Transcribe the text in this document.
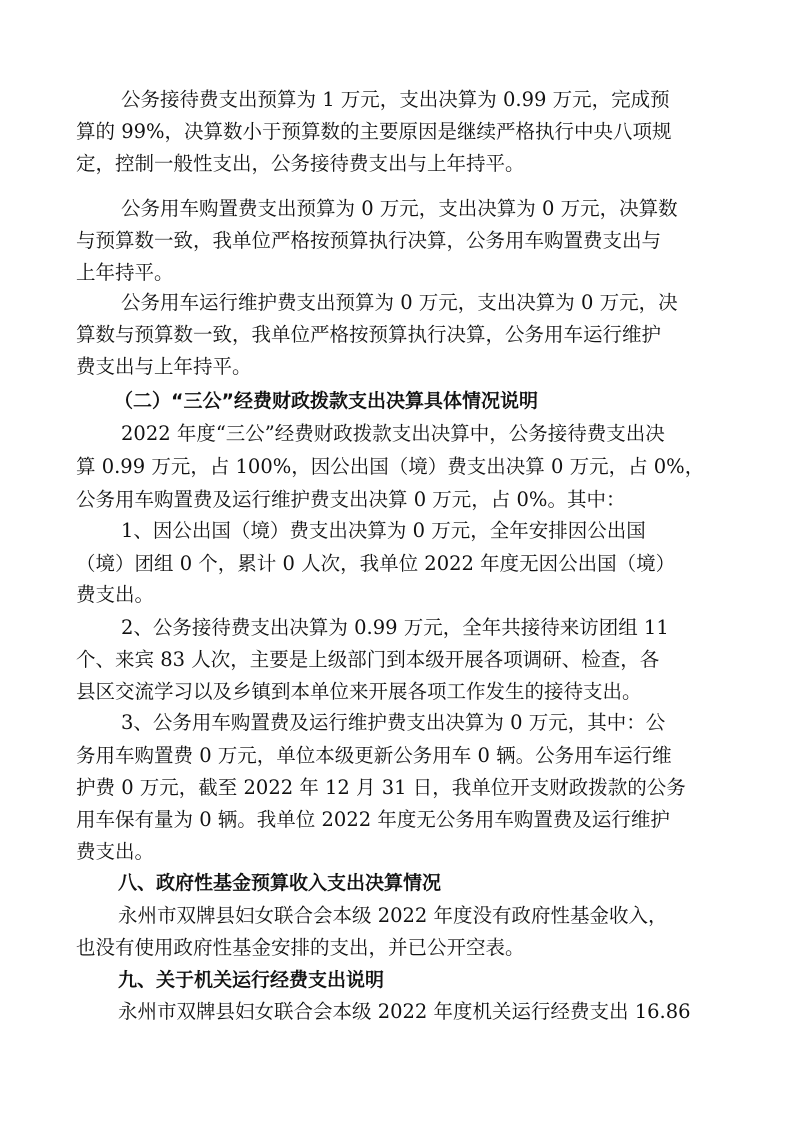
公务接待费支出预算为 1 万元，支出决算为 0.99 万元，完成预

算的 99%，决算数小于预算数的主要原因是继续严格执行中央八项规

定，控制一般性支出，公务接待费支出与上年持平。

公务用车购置费支出预算为 0 万元，支出决算为 0 万元，决算数

与预算数一致，我单位严格按预算执行决算，公务用车购置费支出与

上年持平。

公务用车运行维护费支出预算为 0 万元，支出决算为 0 万元，决

算数与预算数一致，我单位严格按预算执行决算，公务用车运行维护

费支出与上年持平。

（二）“三公”经费财政拨款支出决算具体情况说明

2022 年度“三公”经费财政拨款支出决算中，公务接待费支出决

算 0.99 万元，占 100%，因公出国（境）费支出决算 0 万元，占 0%，

公务用车购置费及运行维护费支出决算 0 万元，占 0%。其中：

1、因公出国（境）费支出决算为 0 万元，全年安排因公出国

（境）团组 0 个，累计 0 人次，我单位 2022 年度无因公出国（境）

费支出。

2、公务接待费支出决算为 0.99 万元，全年共接待来访团组 11

个、来宾 83 人次，主要是上级部门到本级开展各项调研、检查，各

县区交流学习以及乡镇到本单位来开展各项工作发生的接待支出。

3、公务用车购置费及运行维护费支出决算为 0 万元，其中：公

务用车购置费 0 万元，单位本级更新公务用车 0 辆。公务用车运行维

护费 0 万元，截至 2022 年 12 月 31 日，我单位开支财政拨款的公务

用车保有量为 0 辆。我单位 2022 年度无公务用车购置费及运行维护

费支出。

八、政府性基金预算收入支出决算情况

永州市双牌县妇女联合会本级 2022 年度没有政府性基金收入，

也没有使用政府性基金安排的支出，并已公开空表。

九、关于机关运行经费支出说明

永州市双牌县妇女联合会本级 2022 年度机关运行经费支出 16.86
